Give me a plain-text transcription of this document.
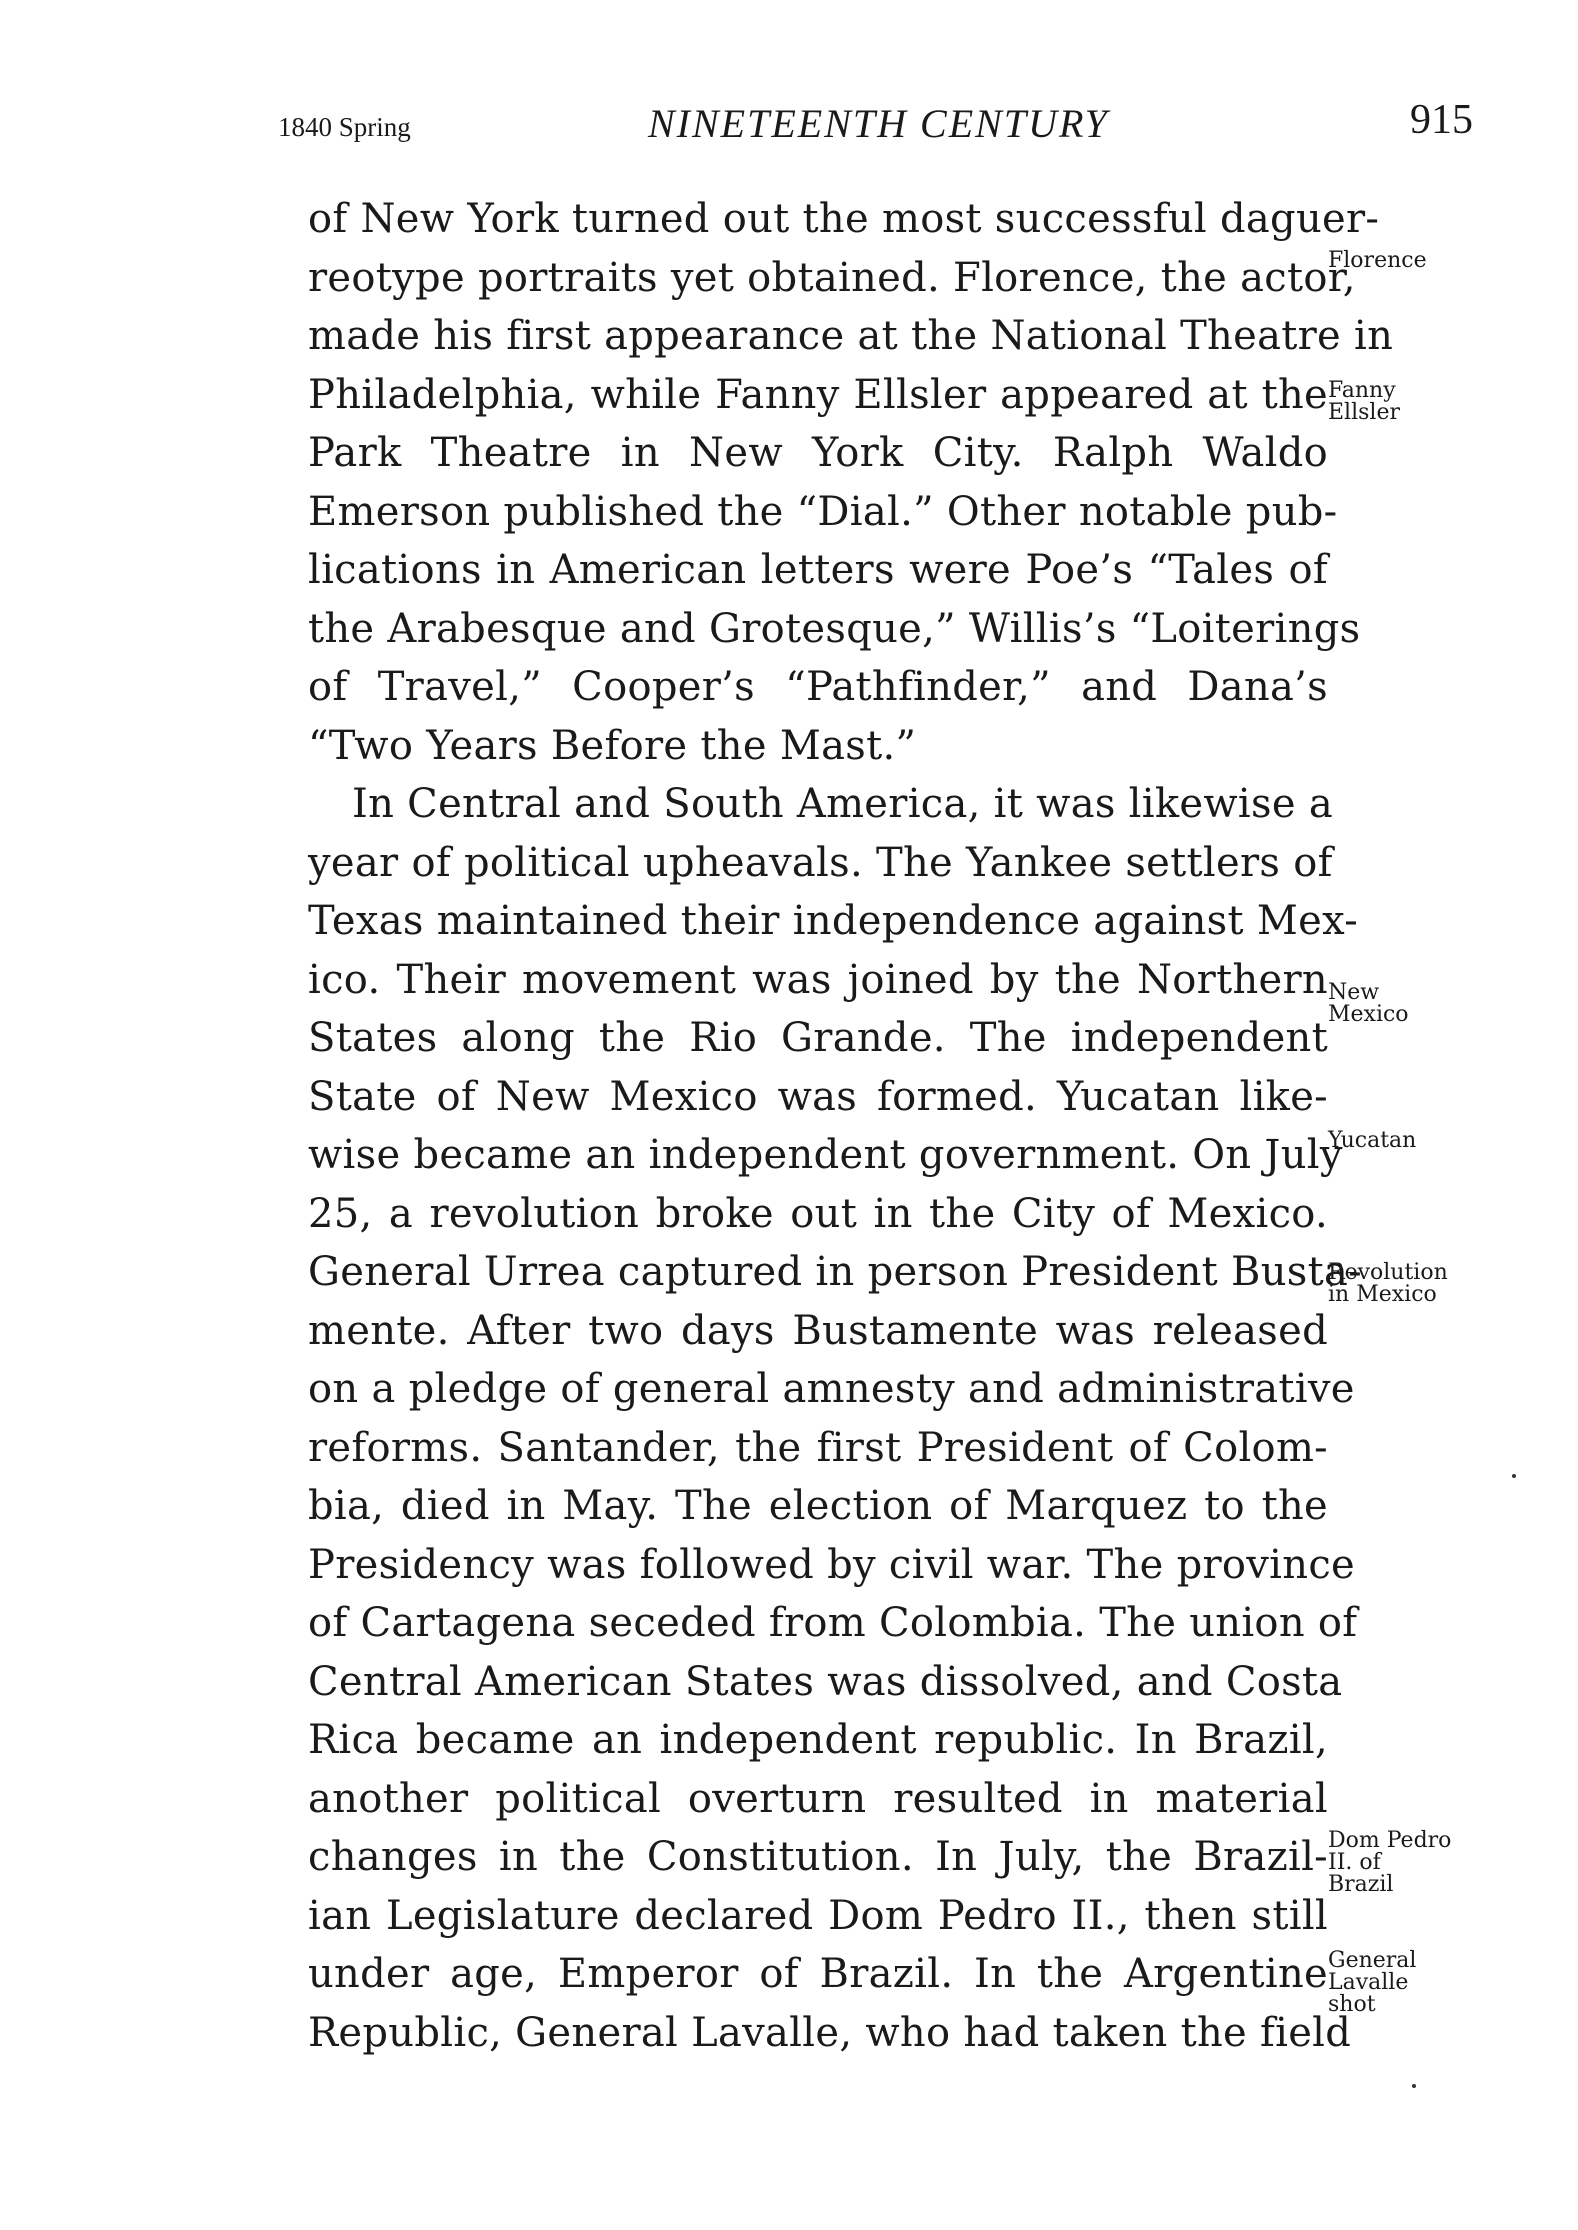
1840 Spring	NINETEENTH CENTURY	915
of New York turned out the most successful daguer-
reotype portraits yet obtained. Florence, the actor,
made his first appearance at the National Theatre in
Philadelphia, while Fanny Ellsler appeared at the
Park Theatre in New York City. Ralph Waldo
Emerson published the “Dial.” Other notable pub-
lications in American letters were Poe’s “Tales of
the Arabesque and Grotesque,” Willis’s “Loiterings
of Travel,” Cooper’s “Pathfinder,” and Dana’s
“Two Years Before the Mast.”
In Central and South America, it was likewise a
year of political upheavals. The Yankee settlers of
Texas maintained their independence against Mex-
ico. Their movement was joined by the Northern
States along the Rio Grande. The independent
State of New Mexico was formed. Yucatan like-
wise became an independent government. On July
25, a revolution broke out in the City of Mexico.
General Urrea captured in person President Busta-
mente. After two days Bustamente was released
on a pledge of general amnesty and administrative
reforms. Santander, the first President of Colom-
bia, died in May. The election of Marquez to the
Presidency was followed by civil war. The province
of Cartagena seceded from Colombia. The union of
Central American States was dissolved, and Costa
Rica became an independent republic. In Brazil,
another political overturn resulted in material
changes in the Constitution. In July, the Brazil-
ian Legislature declared Dom Pedro II., then still
under age, Emperor of Brazil. In the Argentine
Republic, General Lavalle, who had taken the field
Florence
Fanny
Ellsler
New
Mexico
Yucatan
Revolution
in Mexico
Dom Pedro
II. of
Brazil
General
Lavalle
shot
